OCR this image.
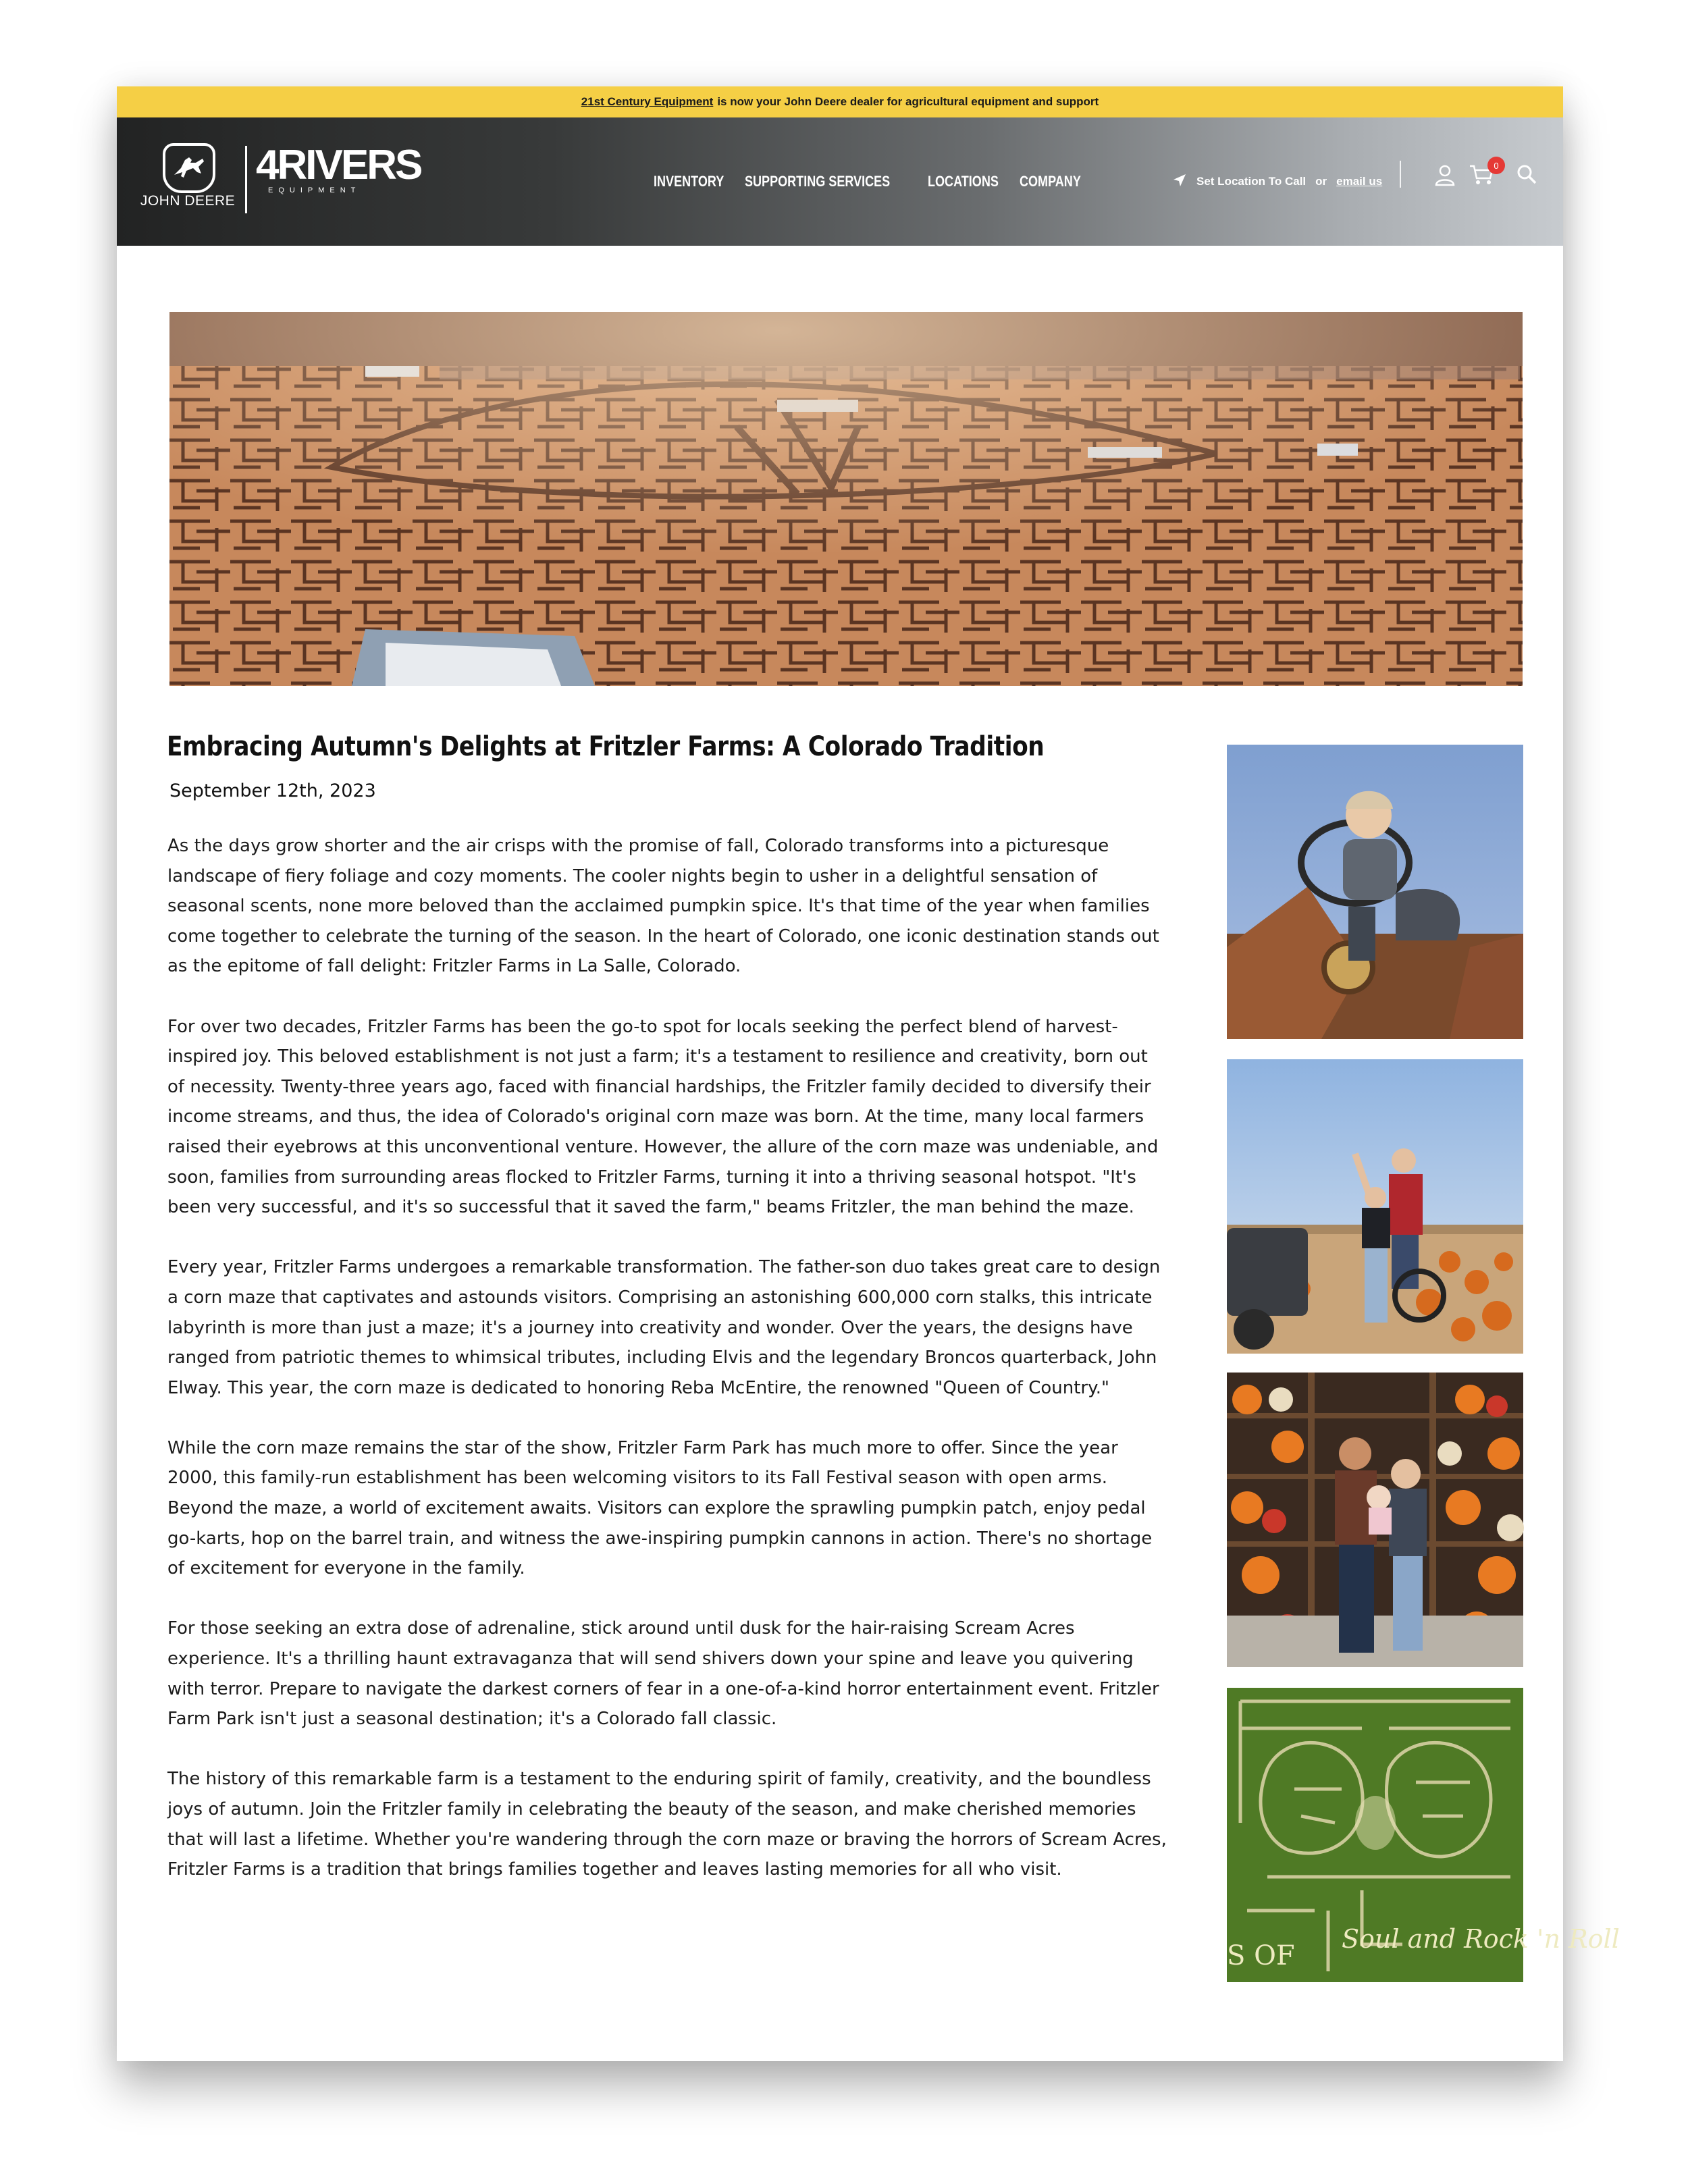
21st Century Equipment is now your John Deere dealer for agricultural equipment and support
JOHN DEERE
4RIVERS
EQUIPMENT
INVENTORY SUPPORTING SERVICES	LOCATIONS COMPANY	Set Location To Call or email us
0
Embracing Autumn's Delights at Fritzler Farms: A Colorado Tradition
September 12th, 2023

As the days grow shorter and the air crisps with the promise of fall, Colorado transforms into a picturesque landscape of fiery foliage and cozy moments. The cooler nights begin to usher in a delightful sensation of seasonal scents, none more beloved than the acclaimed pumpkin spice. It's that time of the year when families come together to celebrate the turning of the season. In the heart of Colorado, one iconic destination stands out as the epitome of fall delight: Fritzler Farms in La Salle, Colorado.

For over two decades, Fritzler Farms has been the go-to spot for locals seeking the perfect blend of harvest-inspired joy. This beloved establishment is not just a farm; it's a testament to resilience and creativity, born out of necessity. Twenty-three years ago, faced with financial hardships, the Fritzler family decided to diversify their income streams, and thus, the idea of Colorado's original corn maze was born. At the time, many local farmers raised their eyebrows at this unconventional venture. However, the allure of the corn maze was undeniable, and soon, families from surrounding areas flocked to Fritzler Farms, turning it into a thriving seasonal hotspot. "It's been very successful, and it's so successful that it saved the farm," beams Fritzler, the man behind the maze.

Every year, Fritzler Farms undergoes a remarkable transformation. The father-son duo takes great care to design a corn maze that captivates and astounds visitors. Comprising an astonishing 600,000 corn stalks, this intricate labyrinth is more than just a maze; it's a journey into creativity and wonder. Over the years, the designs have ranged from patriotic themes to whimsical tributes, including Elvis and the legendary Broncos quarterback, John Elway. This year, the corn maze is dedicated to honoring Reba McEntire, the renowned "Queen of Country."

While the corn maze remains the star of the show, Fritzler Farm Park has much more to offer. Since the year 2000, this family-run establishment has been welcoming visitors to its Fall Festival season with open arms. Beyond the maze, a world of excitement awaits. Visitors can explore the sprawling pumpkin patch, enjoy pedal go-karts, hop on the barrel train, and witness the awe-inspiring pumpkin cannons in action. There's no shortage of excitement for everyone in the family.

For those seeking an extra dose of adrenaline, stick around until dusk for the hair-raising Scream Acres experience. It's a thrilling haunt extravaganza that will send shivers down your spine and leave you quivering with terror. Prepare to navigate the darkest corners of fear in a one-of-a-kind horror entertainment event. Fritzler Farm Park isn't just a seasonal destination; it's a Colorado fall classic.

The history of this remarkable farm is a testament to the enduring spirit of family, creativity, and the boundless joys of autumn. Join the Fritzler family in celebrating the beauty of the season, and make cherished memories that will last a lifetime. Whether you're wandering through the corn maze or braving the horrors of Scream Acres, Fritzler Farms is a tradition that brings families together and leaves lasting memories for all who visit.

Soul and Rock 'n Roll
S OF
